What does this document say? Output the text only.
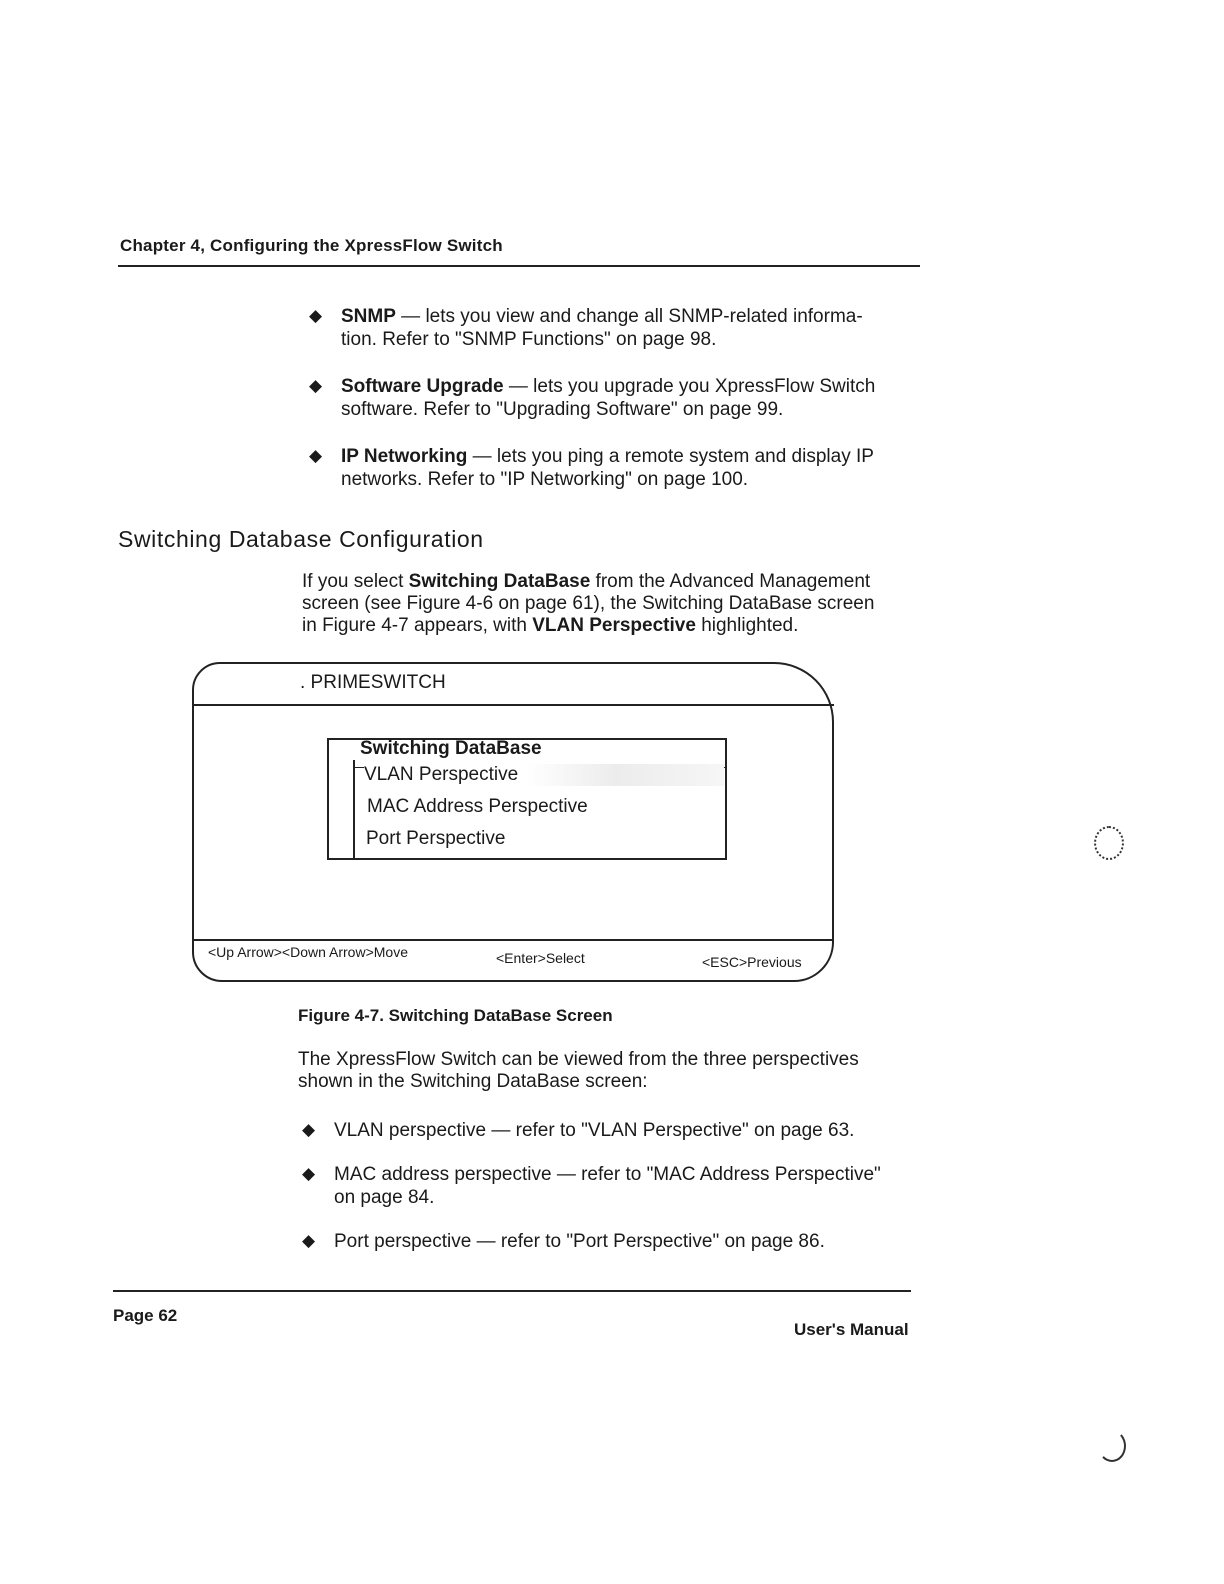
Chapter 4, Configuring the XpressFlow Switch
◆ SNMP — lets you view and change all SNMP-related informa-
tion. Refer to "SNMP Functions" on page 98.
◆ Software Upgrade — lets you upgrade you XpressFlow Switch
software. Refer to "Upgrading Software" on page 99.
◆ IP Networking — lets you ping a remote system and display IP
networks. Refer to "IP Networking" on page 100.
Switching Database Configuration
If you select Switching DataBase from the Advanced Management
screen (see Figure 4-6 on page 61), the Switching DataBase screen
in Figure 4-7 appears, with VLAN Perspective highlighted.
. PRIMESWITCH
Switching DataBase
VLAN Perspective
MAC Address Perspective
Port Perspective
<Up Arrow><Down Arrow>Move	<Enter>Select	<ESC>Previous
Figure 4-7. Switching DataBase Screen
The XpressFlow Switch can be viewed from the three perspectives
shown in the Switching DataBase screen:
◆ VLAN perspective — refer to "VLAN Perspective" on page 63.
◆ MAC address perspective — refer to "MAC Address Perspective"
on page 84.
◆ Port perspective — refer to "Port Perspective" on page 86.
Page 62
User's Manual
